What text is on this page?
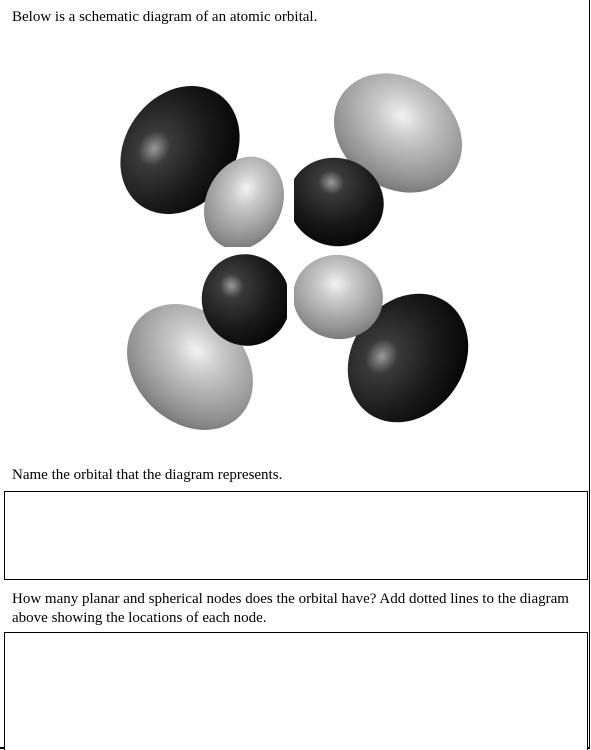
Below is a schematic diagram of an atomic orbital.
Name the orbital that the diagram represents.
How many planar and spherical nodes does the orbital have? Add dotted lines to the diagram above showing the locations of each node.
